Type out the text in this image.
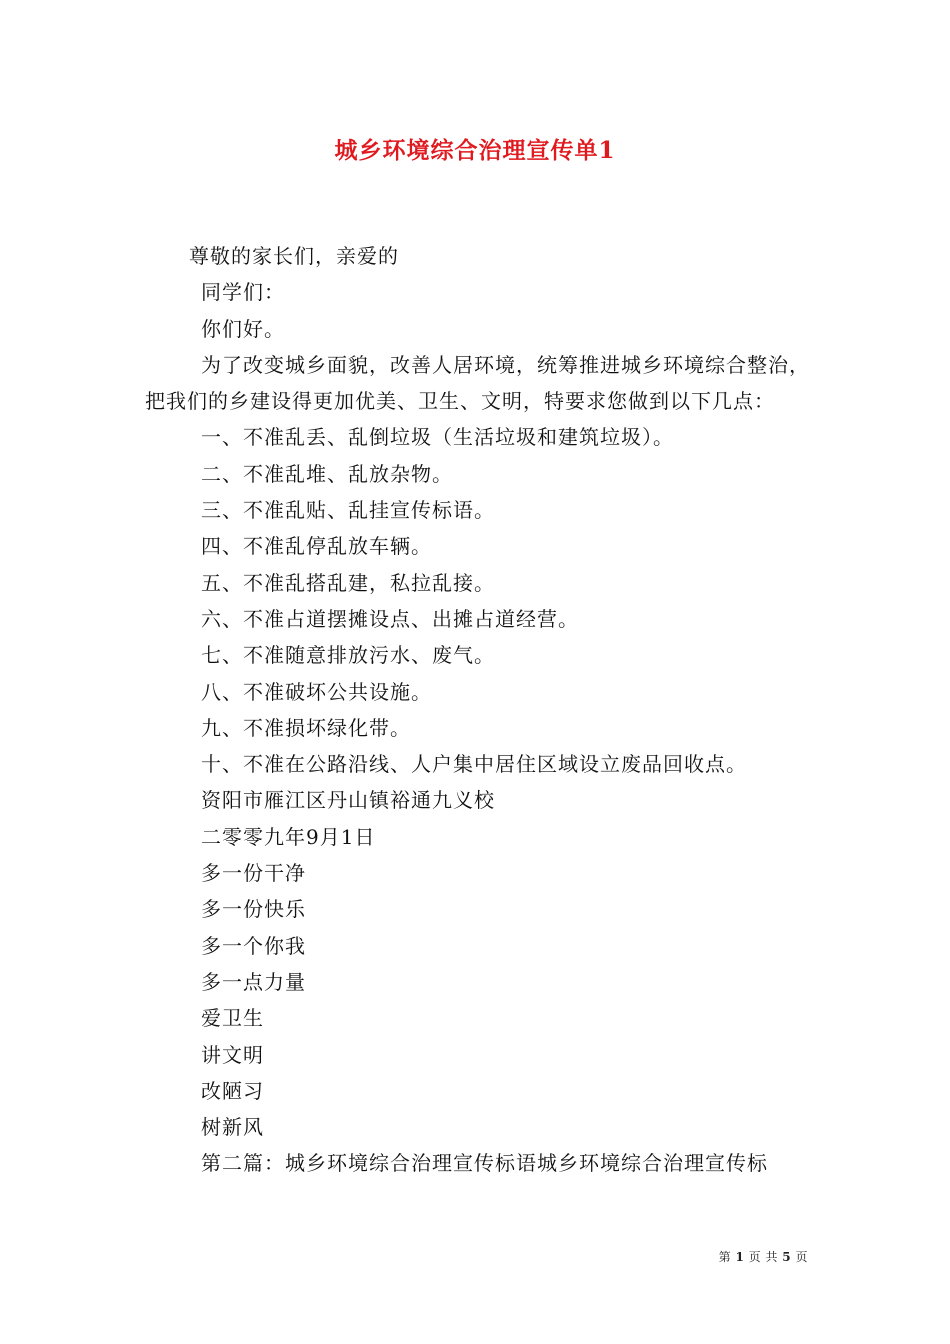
城乡环境综合治理宣传单1

尊敬的家长们，亲爱的

同学们：

你们好。

为了改变城乡面貌，改善人居环境，统筹推进城乡环境综合整治，把我们的乡建设得更加优美、卫生、文明，特要求您做到以下几点：

一、不准乱丢、乱倒垃圾（生活垃圾和建筑垃圾）。

二、不准乱堆、乱放杂物。

三、不准乱贴、乱挂宣传标语。

四、不准乱停乱放车辆。

五、不准乱搭乱建，私拉乱接。

六、不准占道摆摊设点、出摊占道经营。

七、不准随意排放污水、废气。

八、不准破坏公共设施。

九、不准损坏绿化带。

十、不准在公路沿线、人户集中居住区域设立废品回收点。

资阳市雁江区丹山镇裕通九义校

二零零九年9月1日

多一份干净

多一份快乐

多一个你我

多一点力量

爱卫生

讲文明

改陋习

树新风

第二篇：城乡环境综合治理宣传标语城乡环境综合治理宣传标

第 1 页 共 5 页
